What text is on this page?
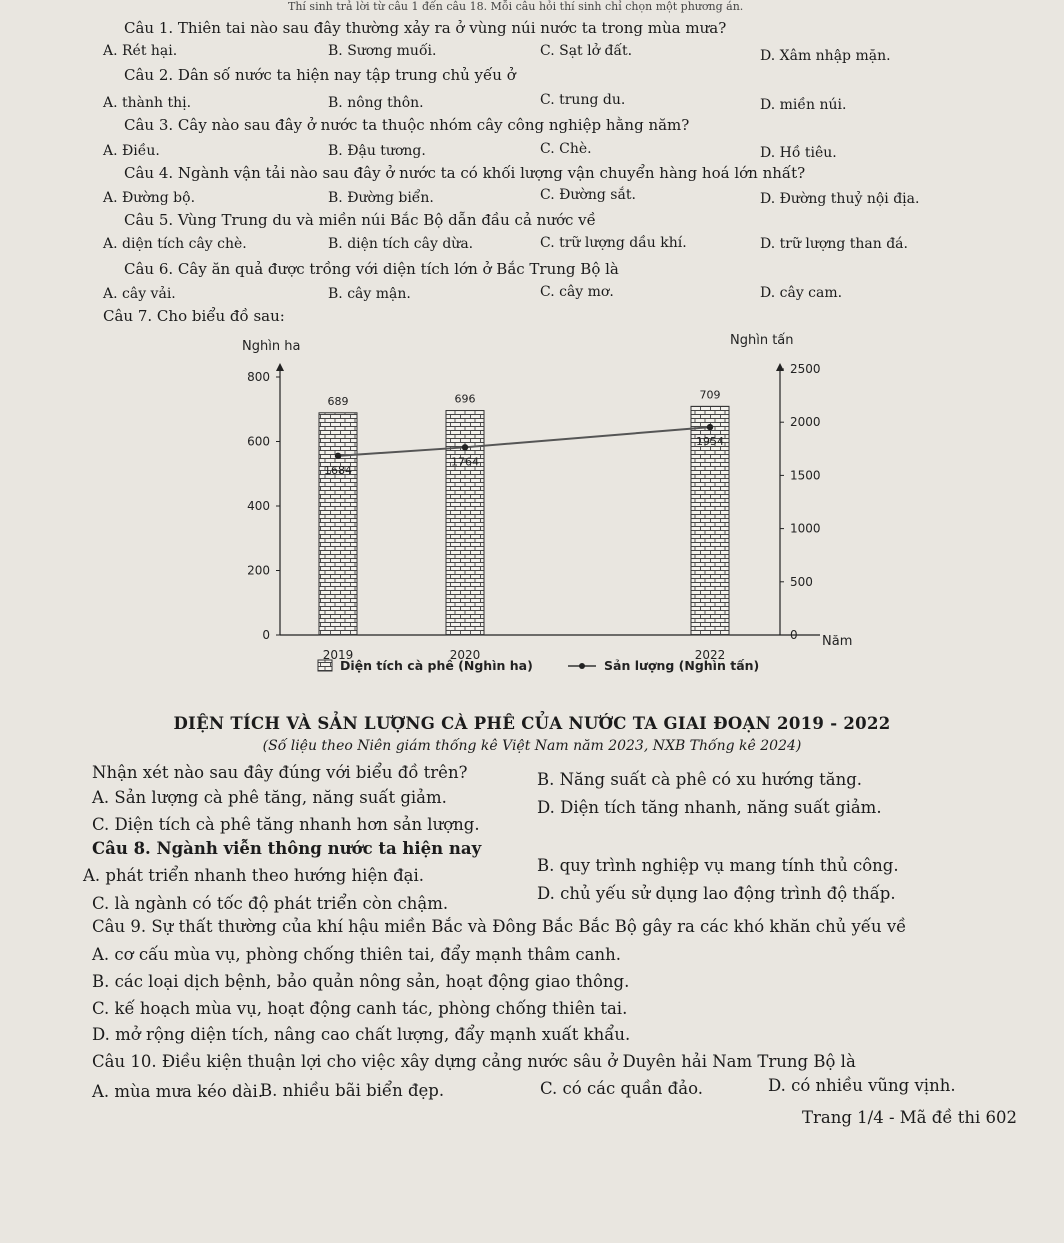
Thí sinh trả lời từ câu 1 đến câu 18. Mỗi câu hỏi thí sinh chỉ chọn một phương án.
Câu 1. Thiên tai nào sau đây thường xảy ra ở vùng núi nước ta trong mùa mưa?
A. Rét hại.	B. Sương muối.	C. Sạt lở đất.	D. Xâm nhập mặn.
Câu 2. Dân số nước ta hiện nay tập trung chủ yếu ở
A. thành thị.	B. nông thôn.	C. trung du.	D. miền núi.
Câu 3. Cây nào sau đây ở nước ta thuộc nhóm cây công nghiệp hằng năm?
A. Điều.	B. Đậu tương.	C. Chè.	D. Hồ tiêu.
Câu 4. Ngành vận tải nào sau đây ở nước ta có khối lượng vận chuyển hàng hoá lớn nhất?
A. Đường bộ.	B. Đường biển.	C. Đường sắt.	D. Đường thuỷ nội địa.
Câu 5. Vùng Trung du và miền núi Bắc Bộ dẫn đầu cả nước về
A. diện tích cây chè.	B. diện tích cây dừa.	C. trữ lượng dầu khí.	D. trữ lượng than đá.
Câu 6. Cây ăn quả được trồng với diện tích lớn ở Bắc Trung Bộ là
A. cây vải.	B. cây mận.	C. cây mơ.	D. cây cam.
Câu 7. Cho biểu đồ sau:
Nghìn ha	Nghìn tấn
Năm
0
200
400
600
800
0
500
1000
1500
2000
2500
689
2019
696
2020
709
2022
1684
1764
1954
Diện tích cà phê (Nghìn ha)	Sản lượng (Nghìn tấn)
DIỆN TÍCH VÀ SẢN LƯỢNG CÀ PHÊ CỦA NƯỚC TA GIAI ĐOẠN 2019 - 2022
(Số liệu theo Niên giám thống kê Việt Nam năm 2023, NXB Thống kê 2024)
Nhận xét nào sau đây đúng với biểu đồ trên?
A. Sản lượng cà phê tăng, năng suất giảm.
B. Năng suất cà phê có xu hướng tăng.
C. Diện tích cà phê tăng nhanh hơn sản lượng.
D. Diện tích tăng nhanh, năng suất giảm.
Câu 8. Ngành viễn thông nước ta hiện nay
A. phát triển nhanh theo hướng hiện đại.
B. quy trình nghiệp vụ mang tính thủ công.
C. là ngành có tốc độ phát triển còn chậm.
D. chủ yếu sử dụng lao động trình độ thấp.
Câu 9. Sự thất thường của khí hậu miền Bắc và Đông Bắc Bắc Bộ gây ra các khó khăn chủ yếu về
A. cơ cấu mùa vụ, phòng chống thiên tai, đẩy mạnh thâm canh.
B. các loại dịch bệnh, bảo quản nông sản, hoạt động giao thông.
C. kế hoạch mùa vụ, hoạt động canh tác, phòng chống thiên tai.
D. mở rộng diện tích, nâng cao chất lượng, đẩy mạnh xuất khẩu.
Câu 10. Điều kiện thuận lợi cho việc xây dựng cảng nước sâu ở Duyên hải Nam Trung Bộ là
A. mùa mưa kéo dài.
B. nhiều bãi biển đẹp.	C. có các quần đảo.	D. có nhiều vũng vịnh.
Trang 1/4 - Mã đề thi 602
